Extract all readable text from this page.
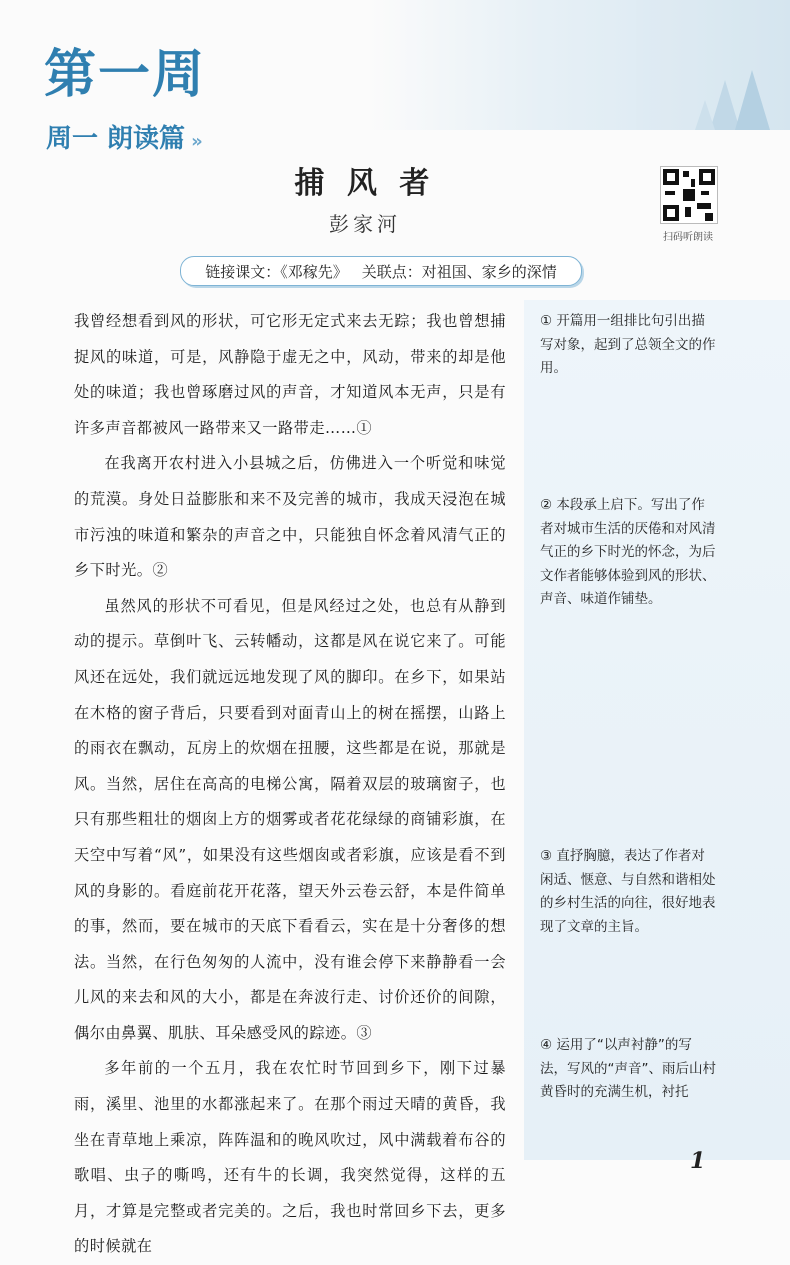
第一周
周一 朗读篇 »
捕 风 者
彭家河
扫码听朗读
链接课文：《邓稼先》 关联点：对祖国、家乡的深情

我曾经想看到风的形状，可它形无定式来去无踪；我也曾想捕捉风的味道，可是，风静隐于虚无之中，风动，带来的却是他处的味道；我也曾琢磨过风的声音，才知道风本无声，只是有许多声音都被风一路带来又一路带走……①

在我离开农村进入小县城之后，仿佛进入一个听觉和味觉的荒漠。身处日益膨胀和来不及完善的城市，我成天浸泡在城市污浊的味道和繁杂的声音之中，只能独自怀念着风清气正的乡下时光。②

虽然风的形状不可看见，但是风经过之处，也总有从静到动的提示。草倒叶飞、云转幡动，这都是风在说它来了。可能风还在远处，我们就远远地发现了风的脚印。在乡下，如果站在木格的窗子背后，只要看到对面青山上的树在摇摆，山路上的雨衣在飘动，瓦房上的炊烟在扭腰，这些都是在说，那就是风。当然，居住在高高的电梯公寓，隔着双层的玻璃窗子，也只有那些粗壮的烟囱上方的烟雾或者花花绿绿的商铺彩旗，在天空中写着“风”，如果没有这些烟囱或者彩旗，应该是看不到风的身影的。看庭前花开花落，望天外云卷云舒，本是件简单的事，然而，要在城市的天底下看看云，实在是十分奢侈的想法。当然，在行色匆匆的人流中，没有谁会停下来静静看一会儿风的来去和风的大小，都是在奔波行走、讨价还价的间隙，偶尔由鼻翼、肌肤、耳朵感受风的踪迹。③

多年前的一个五月，我在农忙时节回到乡下，刚下过暴雨，溪里、池里的水都涨起来了。在那个雨过天晴的黄昏，我坐在青草地上乘凉，阵阵温和的晚风吹过，风中满载着布谷的歌唱、虫子的嘶鸣，还有牛的长调，我突然觉得，这样的五月，才算是完整或者完美的。之后，我也时常回乡下去，更多的时候就在

① 开篇用一组排比句引出描写对象，起到了总领全文的作用。

② 本段承上启下。写出了作者对城市生活的厌倦和对风清气正的乡下时光的怀念，为后文作者能够体验到风的形状、声音、味道作铺垫。

③ 直抒胸臆，表达了作者对闲适、惬意、与自然和谐相处的乡村生活的向往，很好地表现了文章的主旨。

④ 运用了“以声衬静”的写法，写风的“声音”、雨后山村黄昏时的充满生机，衬托

1
